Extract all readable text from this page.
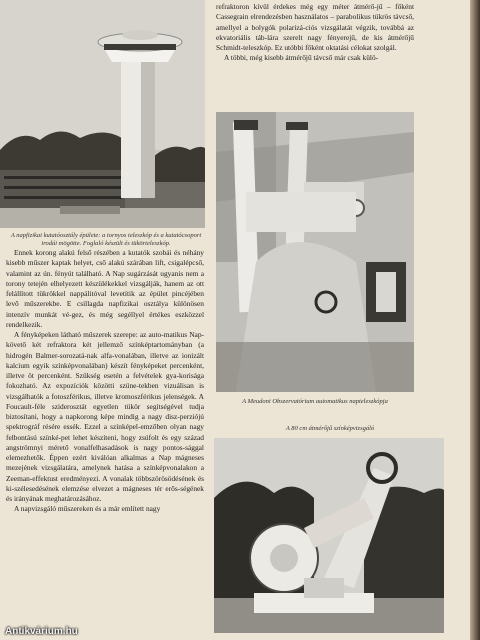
A napfizikai kutatóosztály épülete: a tornyos teleszkóp és a kutatócsoport irodái mögötte. Foglaló készült és tükörteleszkóp.
A Meudoni Obszervatórium automatikus napteleszkópja

refraktoron kívül érdekes még egy méter átmérő-jű – főként Cassegrain elrendezésben használatos – parabolikus tükrös távcső, amellyel a bolygók polarizá-ciós vizsgálatát végzik, továbbá az ekvatoriális táb-lára szerelt nagy fényerejű, de kis átmérőjű Schmidt-teleszkóp. Ez utóbbi főként oktatási célokat szolgál.

A többi, még kisebb átmérőjű távcső már csak külö-

Ennek korong alakú felső részében a kutatók szobái és néhány kisebb műszer kaptak helyet, cső alakú szárában lift, csigalépcső, valamint az ún. fényút található. A Nap sugárzását ugyanis nem a torony tetején elhelyezett készülékekkel vizsgálják, hanem az ott felállított tükrökkel nappálitóval levetítik az épület pincéjében levő műszerekbe. E csillagda napfizikai osztálya különösen intenzív munkát vé-gez, és még segéllyel értékes eszközzel rendelkezik.

A fényképeken látható műszerek szerepe: az auto-matikus Nap-követő két refraktora két jellemző színképtartományban (a hidrogén Balmer-sorozatá-nak alfa-vonalában, illetve az ionizált kalcium egyik színképvonalában) készít fényképeket percenként, illetve öt percenként. Szükség esetén a felvételek gya-korisága fokozható. Az expozíciók közötti szüne-tekben vizuálisan is vizsgálhatók a fotoszférikus, illetve kromoszférikus jelenségek. A Foucault-féle sziderosztát egyetlen tükör segítségével tudja biztosítani, hogy a napkorong képe mindig a nagy disz-perziójú spektrográf résére essék. Ezzel a színképel-emzőben olyan nagy felbontású színké-pet lehet készíteni, hogy zsúfolt és egy század angströmnyi mérető vonalfelhasadások is nagy pontos-sággal elemezhetők. Éppen ezért kiválóan alkalmas a Nap mágneses mezejének vizsgálatára, amelynek hatása a színképvonalakon a Zeeman-effektust eredményezi. A vonalak többszörösödésének és ki-szélesedésének elemzése elvezet a mágneses tér erős-ségének és irányának meghatározásához.

A napvizsgáló műszereken és a már említett nagy

A 80 cm átmérőjű színképvizsgáló
Antikvárium.hu
